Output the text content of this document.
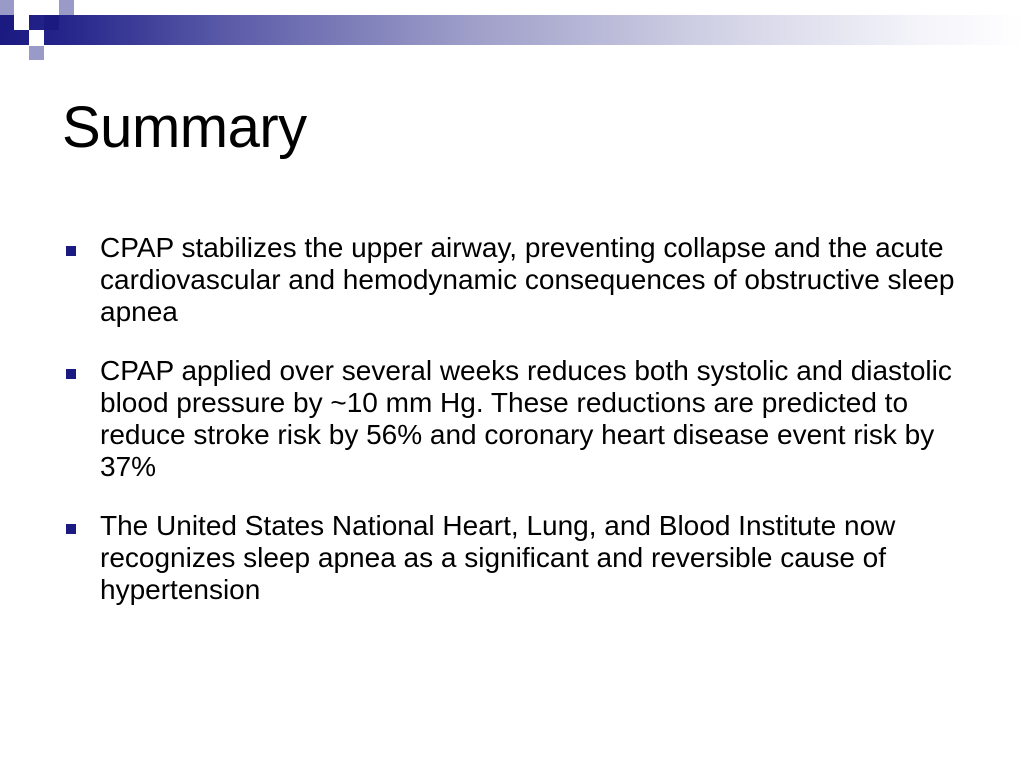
Summary
CPAP stabilizes the upper airway, preventing collapse and the acute cardiovascular and hemodynamic consequences of obstructive sleep apnea
CPAP applied over several weeks reduces both systolic and diastolic blood pressure by ~10 mm Hg. These reductions are predicted to reduce stroke risk by 56% and coronary heart disease event risk by 37%
The United States National Heart, Lung, and Blood Institute now recognizes sleep apnea as a significant and reversible cause of hypertension
